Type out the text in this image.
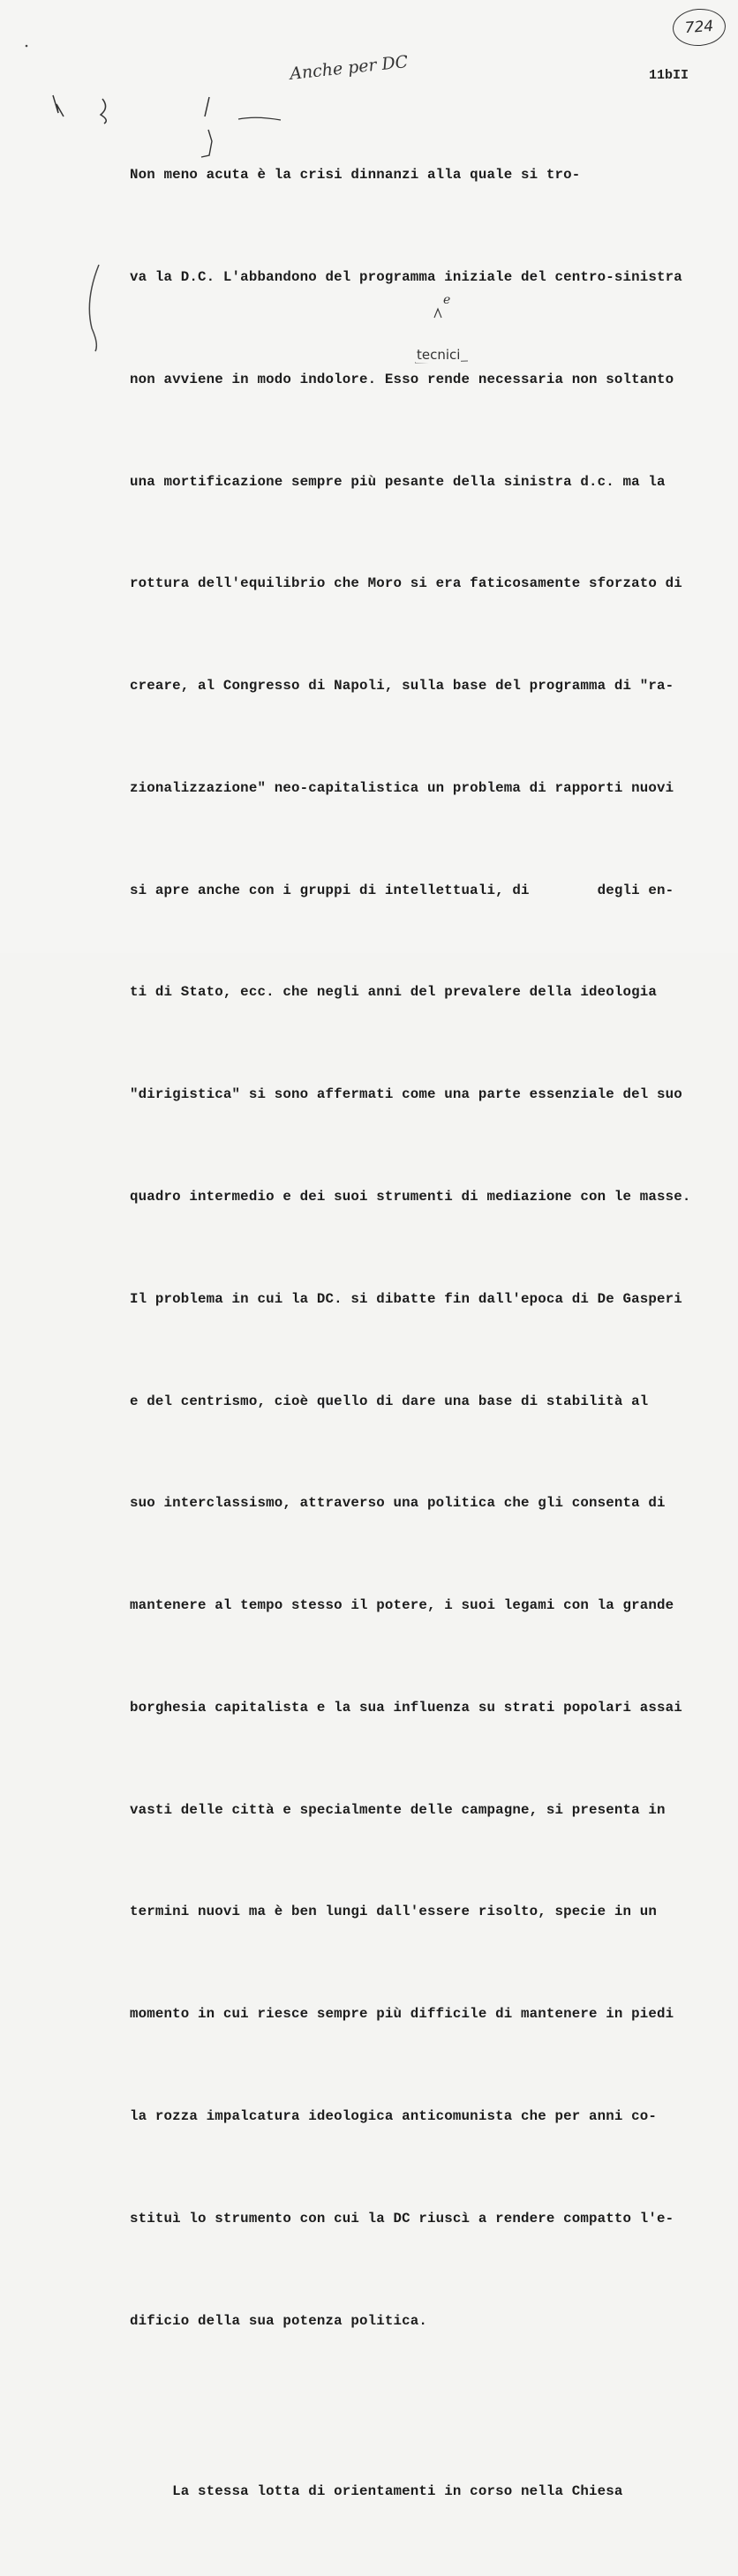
724
Anche per DC	11bII
e
tecnici

Non meno acuta è la crisi dinnanzi alla quale si tro-

va la D.C. L'abbandono del programma iniziale del centro-sinistra

non avviene in modo indolore. Esso rende necessaria non soltanto

una mortificazione sempre più pesante della sinistra d.c. ma la

rottura dell'equilibrio che Moro si era faticosamente sforzato di

creare, al Congresso di Napoli, sulla base del programma di "ra-

zionalizzazione" neo-capitalistica un problema di rapporti nuovi

si apre anche con i gruppi di intellettuali, di        degli en-

ti di Stato, ecc. che negli anni del prevalere della ideologia

"dirigistica" si sono affermati come una parte essenziale del suo

quadro intermedio e dei suoi strumenti di mediazione con le masse.

Il problema in cui la DC. si dibatte fin dall'epoca di De Gasperi

e del centrismo, cioè quello di dare una base di stabilità al

suo interclassismo, attraverso una politica che gli consenta di

mantenere al tempo stesso il potere, i suoi legami con la grande

borghesia capitalista e la sua influenza su strati popolari assai

vasti delle città e specialmente delle campagne, si presenta in

termini nuovi ma è ben lungi dall'essere risolto, specie in un

momento in cui riesce sempre più difficile di mantenere in piedi

la rozza impalcatura ideologica anticomunista che per anni co-

stituì lo strumento con cui la DC riuscì a rendere compatto l'e-

dificio della sua potenza politica.

La stessa lotta di orientamenti in corso nella Chiesa
